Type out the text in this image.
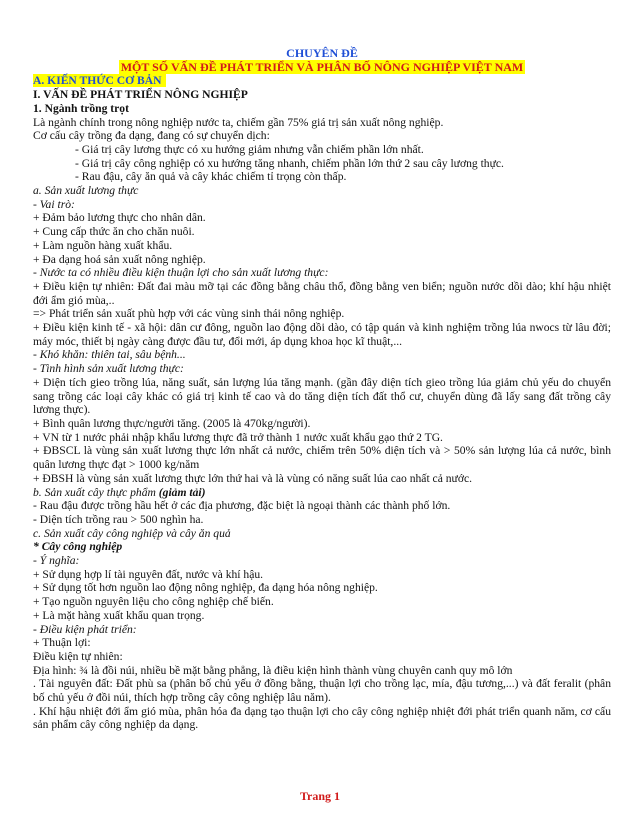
CHUYÊN ĐỀ

MỘT SỐ VẤN ĐỀ PHÁT TRIỂN VÀ PHÂN BỐ NÔNG NGHIỆP VIỆT NAM

A. KIẾN THỨC CƠ BẢN

I. VẤN ĐỀ PHÁT TRIỂN NÔNG NGHIỆP

1. Ngành trồng trọt

Là ngành chính trong nông nghiệp nước ta, chiếm gần 75% giá trị sản xuất nông nghiệp.

Cơ cấu cây trồng đa dạng, đang có sự chuyển dịch:

- Giá trị cây lương thực có xu hướng giảm nhưng vẫn chiếm phần lớn nhất.

- Giá trị cây công nghiệp có xu hướng tăng nhanh, chiếm phần lớn thứ 2 sau cây lương thực.

- Rau đậu, cây ăn quả và cây khác chiếm tỉ trọng còn thấp.

a. Sản xuất lương thực

- Vai trò:

+ Đảm bảo lương thực cho nhân dân.

+ Cung cấp thức ăn cho chăn nuôi.

+ Làm nguồn hàng xuất khẩu.

+ Đa dạng hoá sản xuất nông nghiệp.

- Nước ta có nhiều điều kiện thuận lợi cho sản xuất lương thực:

+ Điều kiện tự nhiên: Đất đai màu mỡ tại các đồng bằng châu thổ, đồng bằng ven biển; nguồn nước dồi dào; khí hậu nhiệt đới ẩm gió mùa,..

=> Phát triển sản xuất phù hợp với các vùng sinh thái nông nghiệp.

+ Điều kiện kinh tế - xã hội: dân cư đông, nguồn lao động dồi dào, có tập quán và kinh nghiệm trồng lúa nwocs từ lâu đời; máy móc, thiết bị ngày càng được đầu tư, đổi mới, áp dụng khoa học kĩ thuật,...

- Khó khăn: thiên tai, sâu bệnh...

- Tình hình sản xuất lương thực:

+ Diện tích gieo trồng lúa, năng suất, sản lượng lúa tăng mạnh. (gần đây diện tích gieo trồng lúa giảm chủ yếu do chuyển sang trồng các loại cây khác có giá trị kinh tế cao và do tăng diện tích đất thổ cư, chuyển dùng đã lấy sang đất trồng cây lương thực).

+ Bình quân lương thực/người tăng. (2005 là 470kg/người).

+ VN từ 1 nước phải nhập khẩu lương thực đã trở thành 1 nước xuất khẩu gạo thứ 2 TG.

+ ĐBSCL là vùng sản xuất lương thực lớn nhất cả nước, chiếm trên 50% diện tích và > 50% sản lượng lúa cả nước, bình quân lương thực đạt > 1000 kg/năm

+ ĐBSH là vùng sản xuất lương thực lớn thứ hai và là vùng có năng suất lúa cao nhất cả nước.

b. Sản xuất cây thực phẩm (giảm tải)

- Rau đậu được trồng hầu hết ở các địa phương, đặc biệt là ngoại thành các thành phố lớn.

- Diện tích trồng rau > 500 nghìn ha.

c. Sản xuất cây công nghiệp và cây ăn quả

* Cây công nghiệp

- Ý nghĩa:

+ Sử dụng hợp lí tài nguyên đất, nước và khí hậu.

+ Sử dụng tốt hơn nguồn lao động nông nghiệp, đa dạng hóa nông nghiệp.

+ Tạo nguồn nguyên liệu cho công nghiệp chế biến.

+ Là mặt hàng xuất khẩu quan trọng.

- Điều kiện phát triển:

+ Thuận lợi:

Điều kiện tự nhiên:

Địa hình: ¾ là đồi núi, nhiều bề mặt bằng phẳng, là điều kiện hình thành vùng chuyên canh quy mô lớn

. Tài nguyên đất: Đất phù sa (phân bố chủ yếu ở đồng bằng, thuận lợi cho trồng lạc, mía, đậu tương,...) và đất feralit (phân bố chủ yếu ở đồi núi, thích hợp trồng cây công nghiệp lâu năm).

. Khí hậu nhiệt đới ẩm gió mùa, phân hóa đa dạng tạo thuận lợi cho cây công nghiệp nhiệt đới phát triển quanh năm, cơ cấu sản phẩm cây công nghiệp da dạng.

Trang 1
